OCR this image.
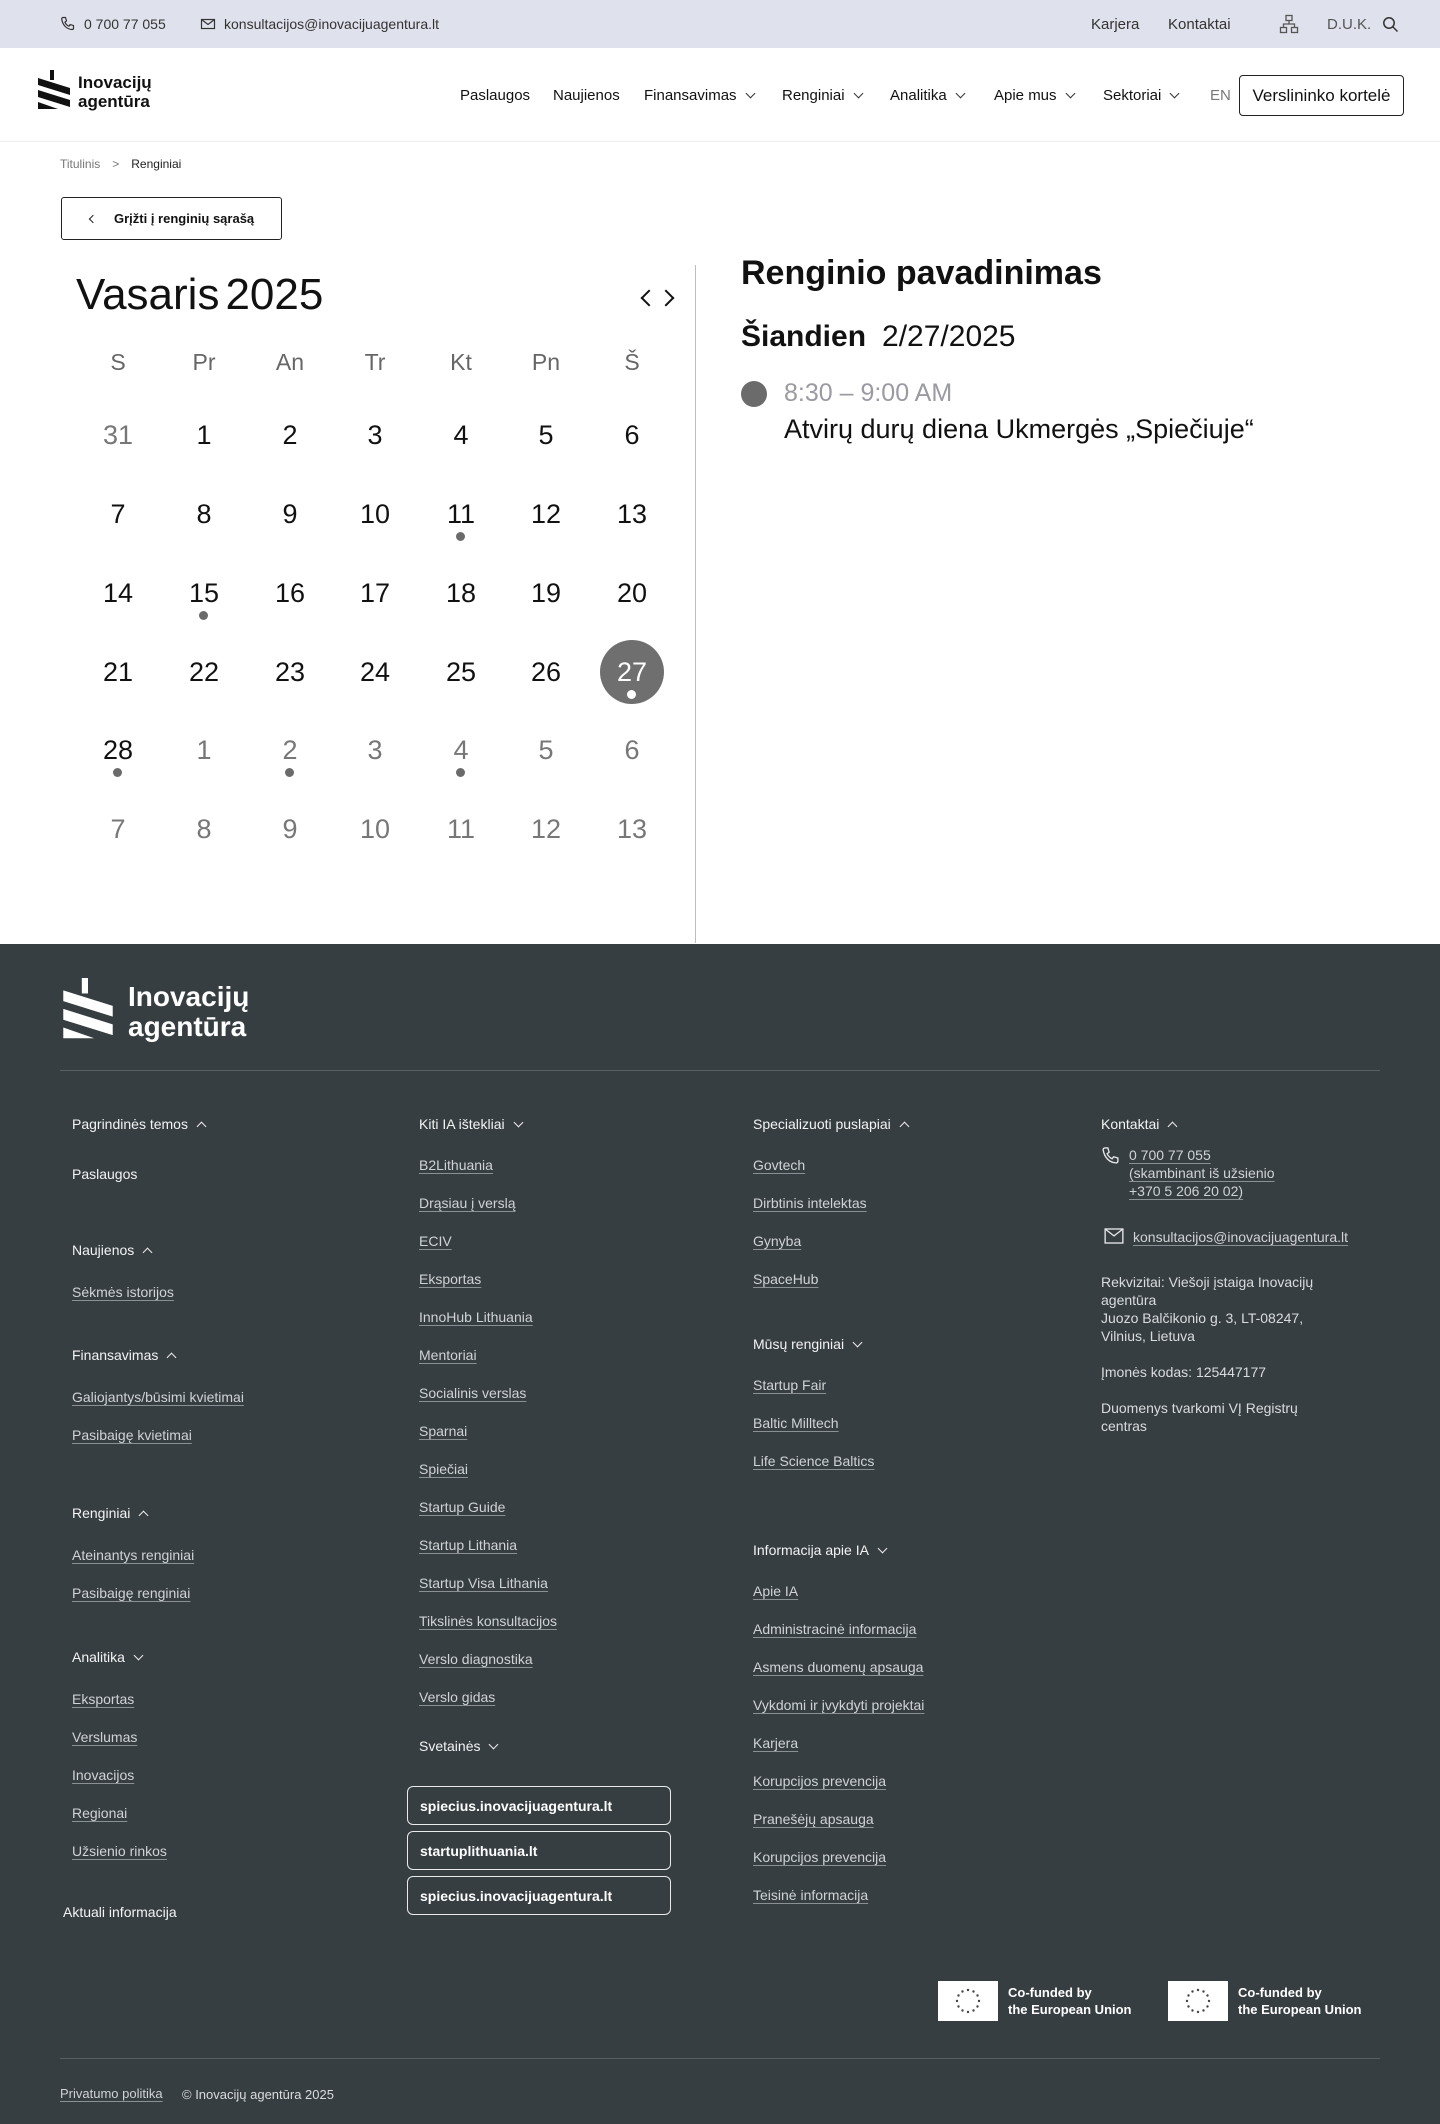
0 700 77 055	konsultacijos@inovacijuagentura.lt	Karjera Kontaktai	D.U.K.
Inovacijų
agentūra	Paslaugos Naujienos Finansavimas	Renginiai	Analitika	Apie mus	Sektoriai	EN	Verslininko kortelė
Titulinis > Renginiai
Grįžti į renginių sąrašą
Vasaris 2025
S	Pr	An	Tr	Kt	Pn	Š
31	1	2	3	4	5	6
7	8	9	10	11	12	13
14	15	16	17	18	19	20
21	22	23	24	25	26	27
28	1	2	3	4	5	6
7	8	9	10	11	12	13
Renginio pavadinimas
Šiandien 2/27/2025
8:30 – 9:00 AM
Atvirų durų diena Ukmergės „Spiečiuje“
Inovacijų
agentūra
Pagrindinės temos
Paslaugos
Naujienos
Sėkmės istorijos
Finansavimas
Galiojantys/būsimi kvietimai
Pasibaigę kvietimai
Renginiai
Ateinantys renginiai
Pasibaigę renginiai
Analitika
Eksportas
Verslumas
Inovacijos
Regionai
Užsienio rinkos
Aktuali informacija
Kiti IA ištekliai
B2Lithuania
Drąsiau į verslą
ECIV
Eksportas
InnoHub Lithuania
Mentoriai
Socialinis verslas
Sparnai
Spiečiai
Startup Guide
Startup Lithania
Startup Visa Lithania
Tikslinės konsultacijos
Verslo diagnostika
Verslo gidas
Svetainės
spiecius.inovacijuagentura.lt
startuplithuania.lt
spiecius.inovacijuagentura.lt
Specializuoti puslapiai
Govtech
Dirbtinis intelektas
Gynyba
SpaceHub
Mūsų renginiai
Startup Fair
Baltic Milltech
Life Science Baltics
Informacija apie IA
Apie IA
Administracinė informacija
Asmens duomenų apsauga
Vykdomi ir įvykdyti projektai
Karjera
Korupcijos prevencija
Pranešėjų apsauga
Korupcijos prevencija
Teisinė informacija
Kontaktai
0 700 77 055
(skambinant iš užsienio
+370 5 206 20 02)
konsultacijos@inovacijuagentura.lt
Rekvizitai: Viešoji įstaiga Inovacijų
agentūra
Juozo Balčikonio g. 3, LT-08247,
Vilnius, Lietuva
Įmonės kodas: 125447177
Duomenys tvarkomi VĮ Registrų
centras
Co-funded by
the European Union
Co-funded by
the European Union
Privatumo politika © Inovacijų agentūra 2025
